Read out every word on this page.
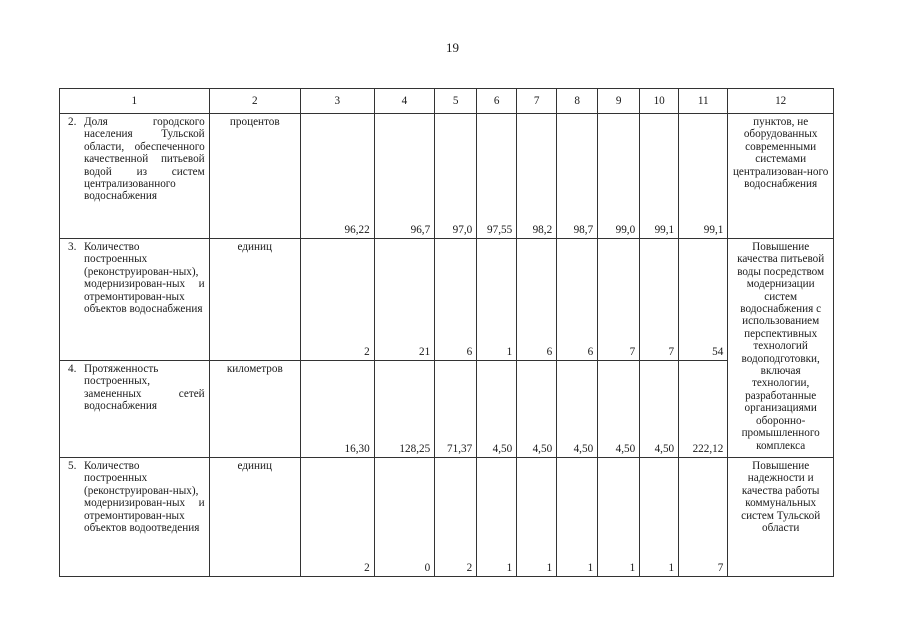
19
1	2	3	4	5	6	7	8	9	10	11	12

2. Доля городского населения Тульской области, обеспеченного качественной питьевой водой из систем централизованного водоснабжения	процентов	96,22	96,7	97,0	97,55	98,2	98,7	99,0	99,1	99,1	пунктов, не оборудованных современными системами централизован-ного водоснабжения

3. Количество построенных (реконструирован-ных), модернизирован-ных и отремонтирован-ных объектов водоснабжения	единиц	2	21	6	1	6	6	7	7	54	Повышение качества питьевой воды посредством модернизации систем водоснабжения с использованием перспективных технологий водоподготовки, включая технологии, разработанные организациями оборонно-промышленного комплекса

4. Протяженность построенных, замененных сетей водоснабжения	километров	16,30	128,25	71,37	4,50	4,50	4,50	4,50	4,50	222,12	

5. Количество построенных (реконструирован-ных), модернизирован-ных и отремонтирован-ных объектов водоотведения	единиц	2	0	2	1	1	1	1	1	7	Повышение надежности и качества работы коммунальных систем Тульской области
